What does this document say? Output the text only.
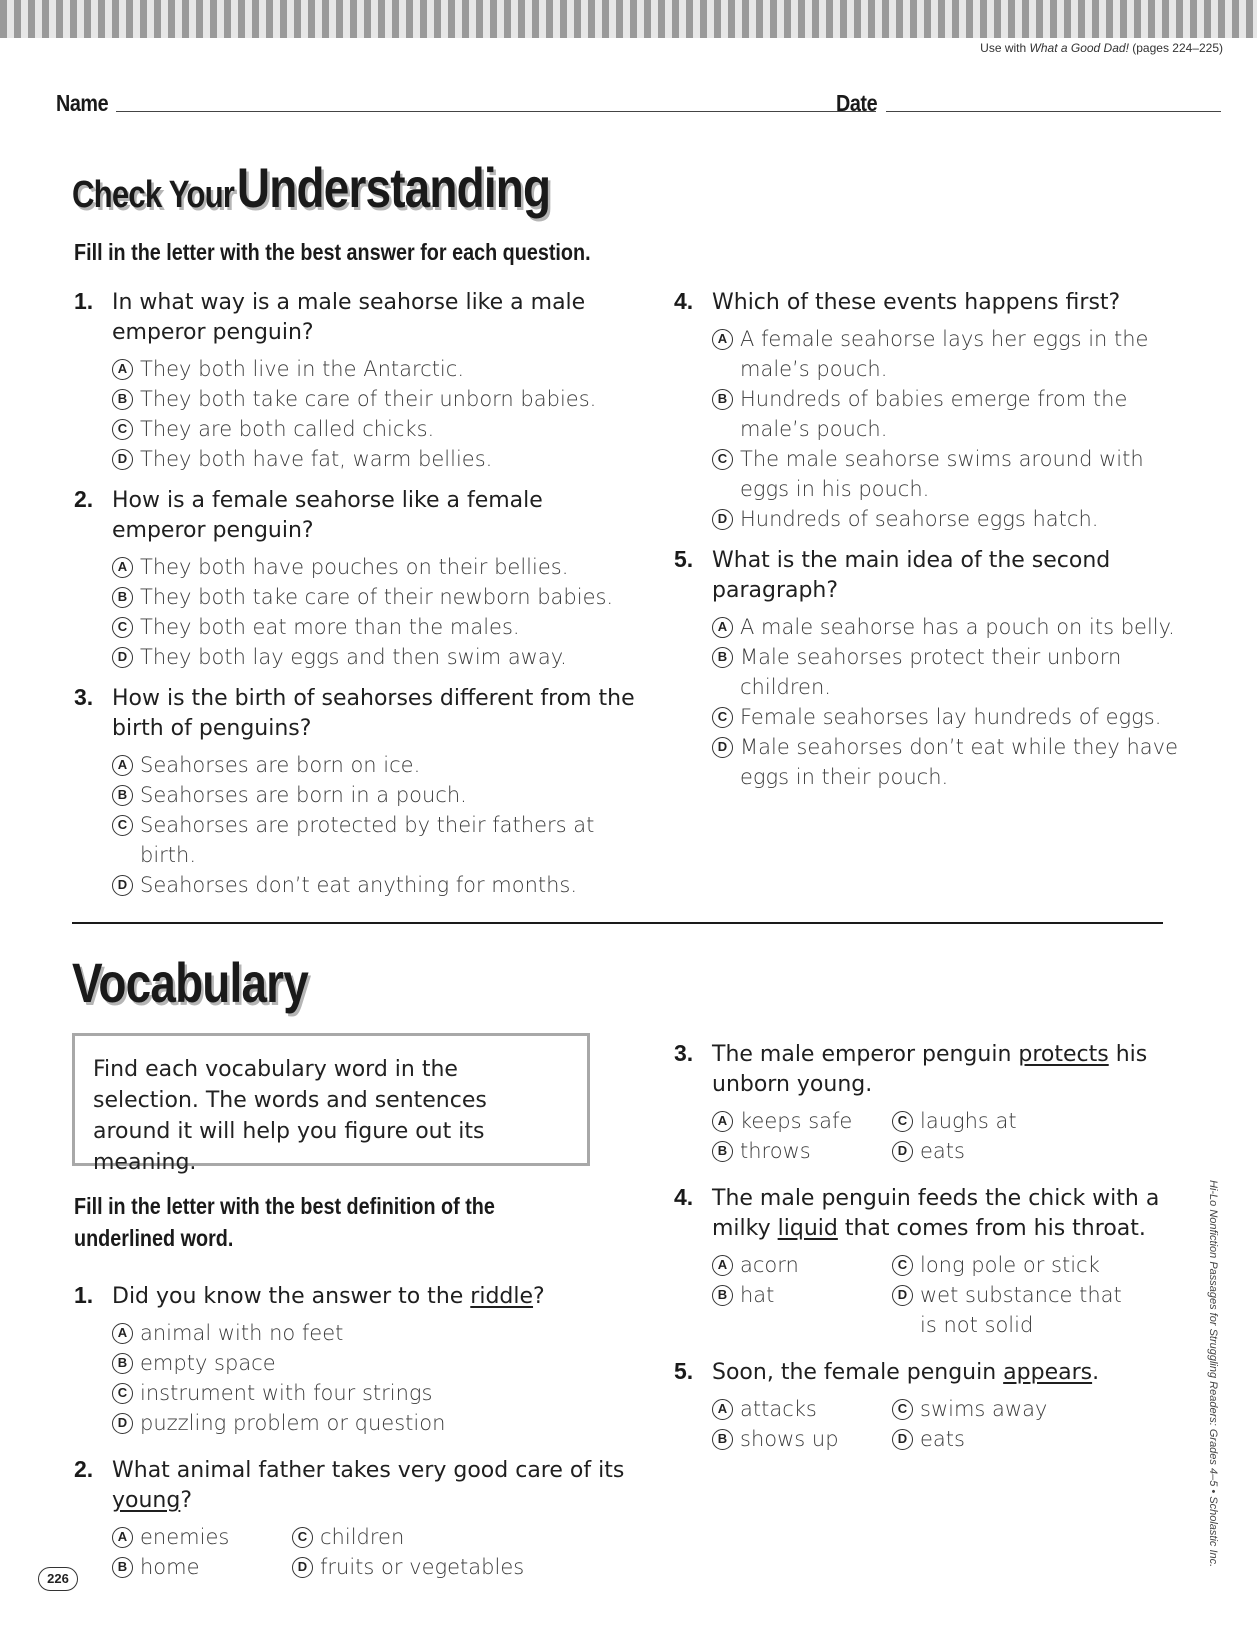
Use with What a Good Dad! (pages 224–225)
Name	Date
Check Your Understanding
Fill in the letter with the best answer for each question.
1. In what way is a male seahorse like a male emperor penguin?
A They both live in the Antarctic.
B They both take care of their unborn babies.
C They are both called chicks.
D They both have fat, warm bellies.
2. How is a female seahorse like a female emperor penguin?
A They both have pouches on their bellies.
B They both take care of their newborn babies.
C They both eat more than the males.
D They both lay eggs and then swim away.
3. How is the birth of seahorses different from the birth of penguins?
A Seahorses are born on ice.
B Seahorses are born in a pouch.
C Seahorses are protected by their fathers at birth.
D Seahorses don’t eat anything for months.
4. Which of these events happens first?
A A female seahorse lays her eggs in the male’s pouch.
B Hundreds of babies emerge from the male’s pouch.
C The male seahorse swims around with eggs in his pouch.
D Hundreds of seahorse eggs hatch.
5. What is the main idea of the second paragraph?
A A male seahorse has a pouch on its belly.
B Male seahorses protect their unborn children.
C Female seahorses lay hundreds of eggs.
D Male seahorses don’t eat while they have eggs in their pouch.
Vocabulary
Find each vocabulary word in the selection. The words and sentences around it will help you figure out its meaning.
Fill in the letter with the best definition of the underlined word.
1. Did you know the answer to the riddle?
A animal with no feet
B empty space
C instrument with four strings
D puzzling problem or question
2. What animal father takes very good care of its young?
A enemies	C children
B home	D fruits or vegetables
3. The male emperor penguin protects his unborn young.
A keeps safe	C laughs at
B throws	D eats
4. The male penguin feeds the chick with a milky liquid that comes from his throat.
A acorn	C long pole or stick
B hat	D wet substance that is not solid
5. Soon, the female penguin appears.
A attacks	C swims away
B shows up	D eats	Hi-Lo Nonfiction Passages for Struggling Readers: Grades 4–5 • Scholastic Inc.
226
